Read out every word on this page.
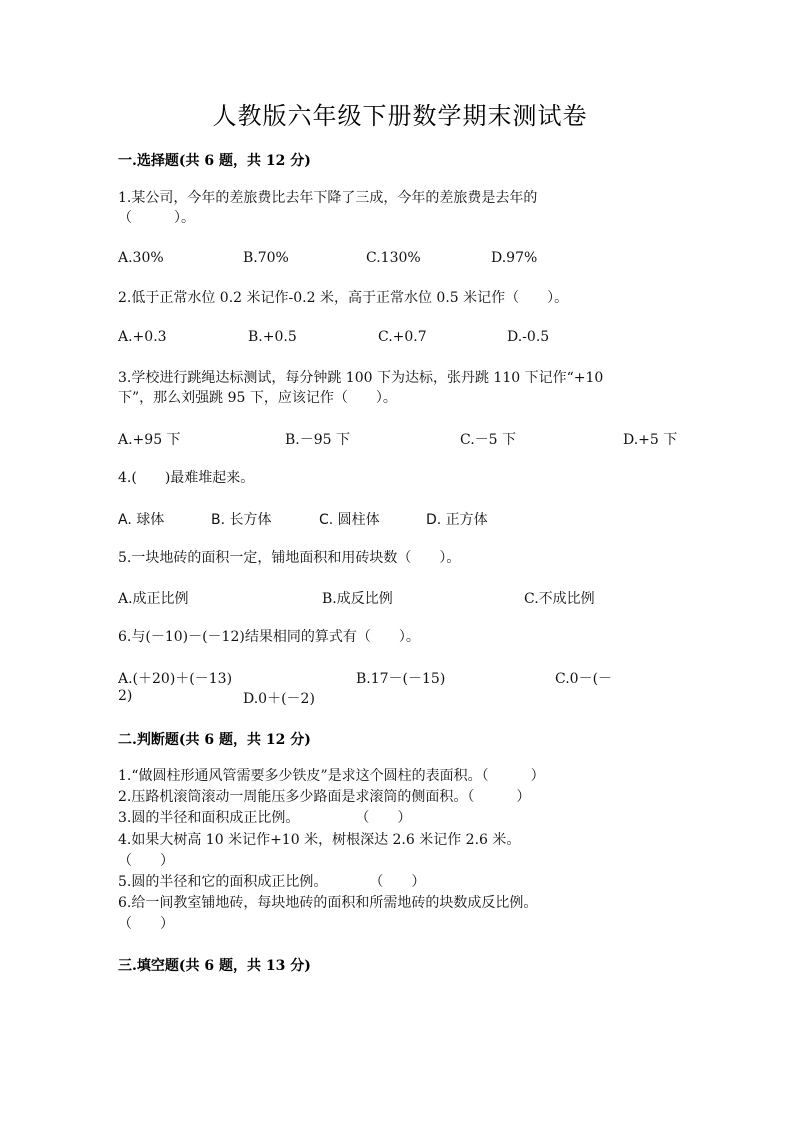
人教版六年级下册数学期末测试卷
一.选择题(共 6 题，共 12 分)
1.某公司，今年的差旅费比去年下降了三成，今年的差旅费是去年的
（　　　）。
A.30%	B.70%	C.130%	D.97%
2.低于正常水位 0.2 米记作-0.2 米，高于正常水位 0.5 米记作（　　）。
A.+0.3	B.+0.5	C.+0.7	D.-0.5
3.学校进行跳绳达标测试，每分钟跳 100 下为达标，张丹跳 110 下记作“+10
下”，那么刘强跳 95 下，应该记作（　　）。
A.+95 下	B.－95 下	C.－5 下	D.+5 下
4.(　　)最难堆起来。
A. 球体	B. 长方体	C. 圆柱体	D. 正方体
5.一块地砖的面积一定，铺地面积和用砖块数（　　）。
A.成正比例	B.成反比例	C.不成比例
6.与(－10)－(－12)结果相同的算式有（　　）。
A.(＋20)＋(－13)	B.17－(－15)	C.0－(－
2)	D.0＋(－2)
二.判断题(共 6 题，共 12 分)
1.“做圆柱形通风管需要多少铁皮”是求这个圆柱的表面积。（　　　）
2.压路机滚筒滚动一周能压多少路面是求滚筒的侧面积。（　　　）
3.圆的半径和面积成正比例。　　　　　（　　）
4.如果大树高 10 米记作+10 米，树根深达 2.6 米记作 2.6 米。
（　　）
5.圆的半径和它的面积成正比例。　　　　（　　）
6.给一间教室铺地砖，每块地砖的面积和所需地砖的块数成反比例。
（　　）
三.填空题(共 6 题，共 13 分)
